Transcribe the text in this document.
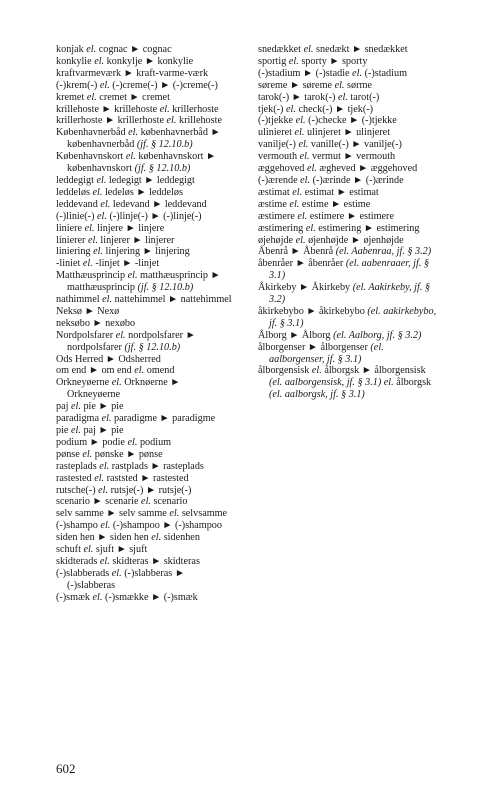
konjak el. cognac ► cognac
konkylie el. konkylje ► konkylie
kraftvarmeværk ► kraft-varme-værk
(-)krem(-) el. (-)creme(-) ► (-)creme(-)
kremet el. cremet ► cremet
krillehoste ► krillehoste el. krillerhoste
krillerhoste ► krillerhoste el. krillehoste
Københavnerbåd el. københavnerbåd ► københavnerbåd (jf. § 12.10.b)
Københavnskort el. københavnskort ► københavnskort (jf. § 12.10.b)
leddegigt el. ledegigt ► leddegigt
leddeløs el. ledeløs ► leddeløs
leddevand el. ledevand ► leddevand
(-)linie(-) el. (-)linje(-) ► (-)linje(-)
liniere el. linjere ► linjere
linierer el. linjerer ► linjerer
liniering el. linjering ► linjering
-liniet el. -linjet ► -linjet
Matthæusprincip el. matthæusprincip ► matthæusprincip (jf. § 12.10.b)
nathimmel el. nattehimmel ► nattehimmel
Neksø ► Nexø
neksøbo ► nexøbo
Nordpolsfarer el. nordpolsfarer ► nordpolsfarer (jf. § 12.10.b)
Ods Herred ► Odsherred
om end ► om end el. omend
Orkneyøerne el. Orknøerne ► Orkneyøerne
paj el. pie ► pie
paradigma el. paradigme ► paradigme
pie el. paj ► pie
podium ► podie el. podium
pønse el. pønske ► pønse
rasteplads el. rastplads ► rasteplads
rastested el. raststed ► rastested
rutsche(-) el. rutsje(-) ► rutsje(-)
scenario ► scenarie el. scenario
selv samme ► selv samme el. selvsamme
(-)shampo el. (-)shampoo ► (-)shampoo
siden hen ► siden hen el. sidenhen
schuft el. sjuft ► sjuft
skidterads el. skidteras ► skidteras
(-)slabberads el. (-)slabberas ► (-)slabberas
(-)smæk el. (-)smække ► (-)smæk
snedækket el. snedækt ► snedækket
sportig el. sporty ► sporty
(-)stadium ► (-)stadie el. (-)stadium
søreme ► søreme el. sørme
tarok(-) ► tarok(-) el. tarot(-)
tjek(-) el. check(-) ► tjek(-)
(-)tjekke el. (-)checke ► (-)tjekke
ulinieret el. ulinjeret ► ulinjeret
vanilje(-) el. vanille(-) ► vanilje(-)
vermouth el. vermut ► vermouth
æggehoved el. ægheved ► æggehoved
(-)ærende el. (-)ærinde ► (-)ærinde
æstimat el. estimat ► estimat
æstime el. estime ► estime
æstimere el. estimere ► estimere
æstimering el. estimering ► estimering
øjehøjde el. øjenhøjde ► øjenhøjde
Åbenrå ► Åbenrå (el. Aabenraa, jf. § 3.2)
åbenråer ► åbenråer (el. aabenraaer, jf. § 3.1)
Åkirkeby ► Åkirkeby (el. Aakirkeby, jf. § 3.2)
åkirkebybo ► åkirkebybo (el. aakirkebybo, jf. § 3.1)
Ålborg ► Ålborg (el. Aalborg, jf. § 3.2)
ålborgenser ► ålborgenser (el. aalborgenser, jf. § 3.1)
ålborgensisk el. ålborgsk ► ålborgensisk (el. aalborgensisk, jf. § 3.1) el. ålborgsk (el. aalborgsk, jf. § 3.1)
602
